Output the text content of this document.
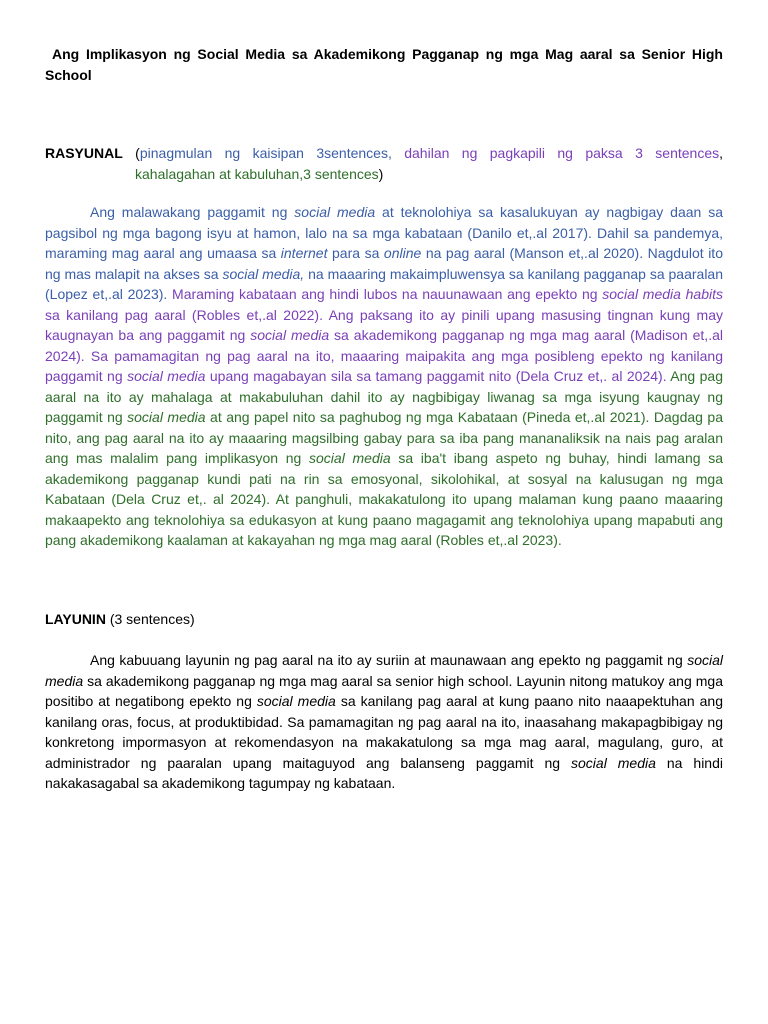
Ang Implikasyon ng Social Media sa Akademikong Pagganap ng mga Mag aaral sa Senior High School
RASYUNAL (pinagmulan ng kaisipan 3sentences, dahilan ng pagkapili ng paksa 3 sentences,
kahalagahan at kabuluhan,3 sentences)

Ang malawakang paggamit ng social media at teknolohiya sa kasalukuyan ay nagbigay daan sa pagsibol ng mga bagong isyu at hamon, lalo na sa mga kabataan (Danilo et,.al 2017). Dahil sa pandemya, maraming mag aaral ang umaasa sa internet para sa online na pag aaral (Manson et,.al 2020). Nagdulot ito ng mas malapit na akses sa social media, na maaaring makaimpluwensya sa kanilang pagganap sa paaralan (Lopez et,.al 2023). Maraming kabataan ang hindi lubos na nauunawaan ang epekto ng social media habits sa kanilang pag aaral (Robles et,.al 2022). Ang paksang ito ay pinili upang masusing tingnan kung may kaugnayan ba ang paggamit ng social media sa akademikong pagganap ng mga mag aaral (Madison et,.al 2024). Sa pamamagitan ng pag aaral na ito, maaaring maipakita ang mga posibleng epekto ng kanilang paggamit ng social media upang magabayan sila sa tamang paggamit nito (Dela Cruz et,. al 2024). Ang pag aaral na ito ay mahalaga at makabuluhan dahil ito ay nagbibigay liwanag sa mga isyung kaugnay ng paggamit ng social media at ang papel nito sa paghubog ng mga Kabataan (Pineda et,.al 2021). Dagdag pa nito, ang pag aaral na ito ay maaaring magsilbing gabay para sa iba pang mananaliksik na nais pag aralan ang mas malalim pang implikasyon ng social media sa iba't ibang aspeto ng buhay, hindi lamang sa akademikong pagganap kundi pati na rin sa emosyonal, sikolohikal, at sosyal na kalusugan ng mga Kabataan (Dela Cruz et,. al 2024). At panghuli, makakatulong ito upang malaman kung paano maaaring makaapekto ang teknolohiya sa edukasyon at kung paano magagamit ang teknolohiya upang mapabuti ang pang akademikong kaalaman at kakayahan ng mga mag aaral (Robles et,.al 2023).

LAYUNIN (3 sentences)

Ang kabuuang layunin ng pag aaral na ito ay suriin at maunawaan ang epekto ng paggamit ng social media sa akademikong pagganap ng mga mag aaral sa senior high school. Layunin nitong matukoy ang mga positibo at negatibong epekto ng social media sa kanilang pag aaral at kung paano nito naaapektuhan ang kanilang oras, focus, at produktibidad. Sa pamamagitan ng pag aaral na ito, inaasahang makapagbibigay ng konkretong impormasyon at rekomendasyon na makakatulong sa mga mag aaral, magulang, guro, at administrador ng paaralan upang maitaguyod ang balanseng paggamit ng social media na hindi nakakasagabal sa akademikong tagumpay ng kabataan.
